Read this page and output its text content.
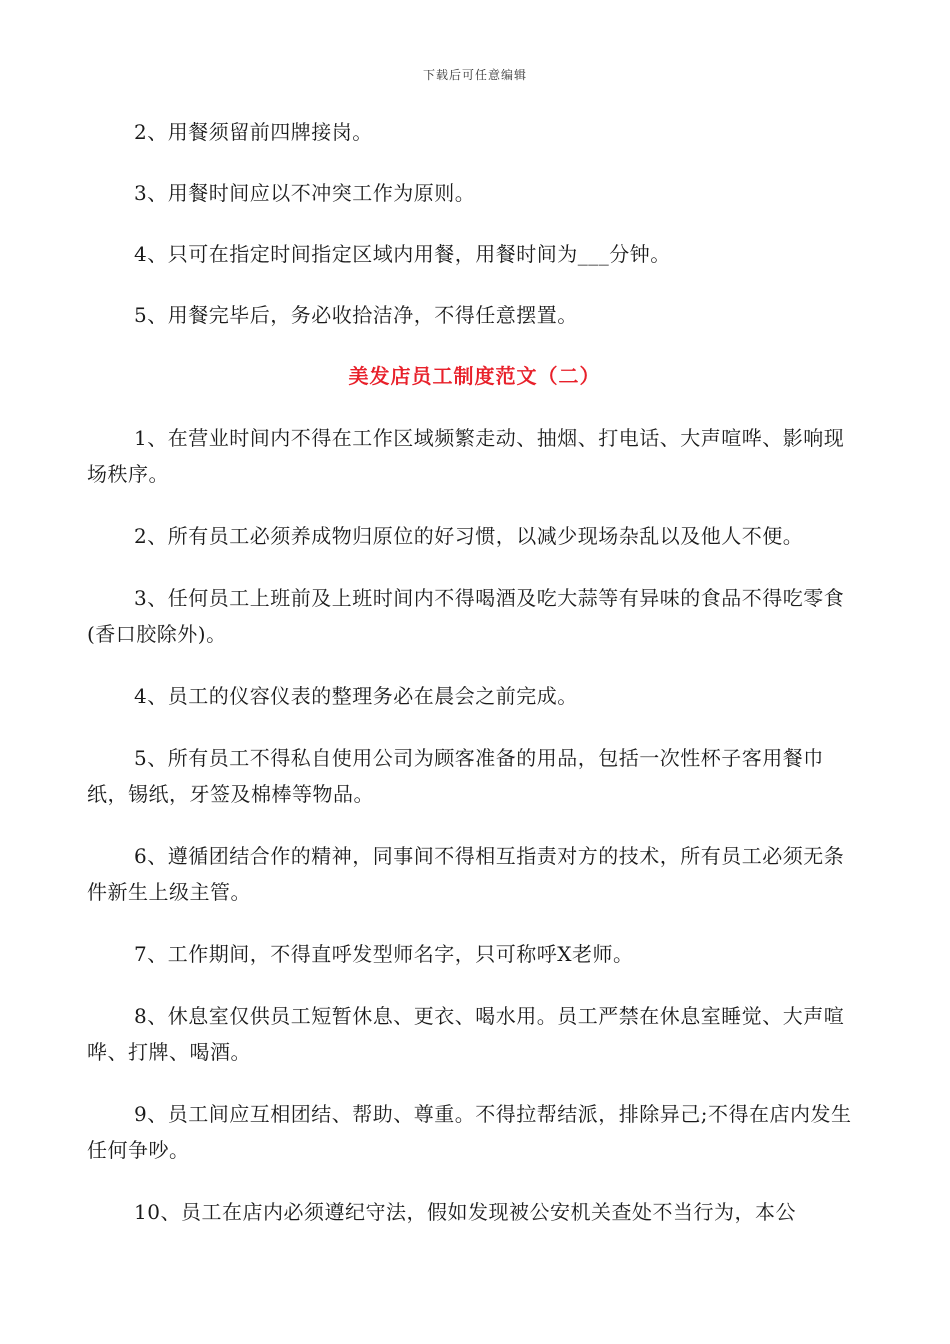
下载后可任意编辑

2、用餐须留前四牌接岗。

3、用餐时间应以不冲突工作为原则。

4、只可在指定时间指定区域内用餐，用餐时间为___分钟。

5、用餐完毕后，务必收拾洁净，不得任意摆置。

美发店员工制度范文（二）

1、在营业时间内不得在工作区域频繁走动、抽烟、打电话、大声喧哗、影响现场秩序。

2、所有员工必须养成物归原位的好习惯，以减少现场杂乱以及他人不便。

3、任何员工上班前及上班时间内不得喝酒及吃大蒜等有异味的食品不得吃零食(香口胶除外)。

4、员工的仪容仪表的整理务必在晨会之前完成。

5、所有员工不得私自使用公司为顾客准备的用品，包括一次性杯子客用餐巾纸，锡纸，牙签及棉棒等物品。

6、遵循团结合作的精神，同事间不得相互指责对方的技术，所有员工必须无条件新生上级主管。

7、工作期间，不得直呼发型师名字，只可称呼X老师。

8、休息室仅供员工短暂休息、更衣、喝水用。员工严禁在休息室睡觉、大声喧哗、打牌、喝酒。

9、员工间应互相团结、帮助、尊重。不得拉帮结派，排除异己;不得在店内发生任何争吵。

10、员工在店内必须遵纪守法，假如发现被公安机关查处不当行为，本公
